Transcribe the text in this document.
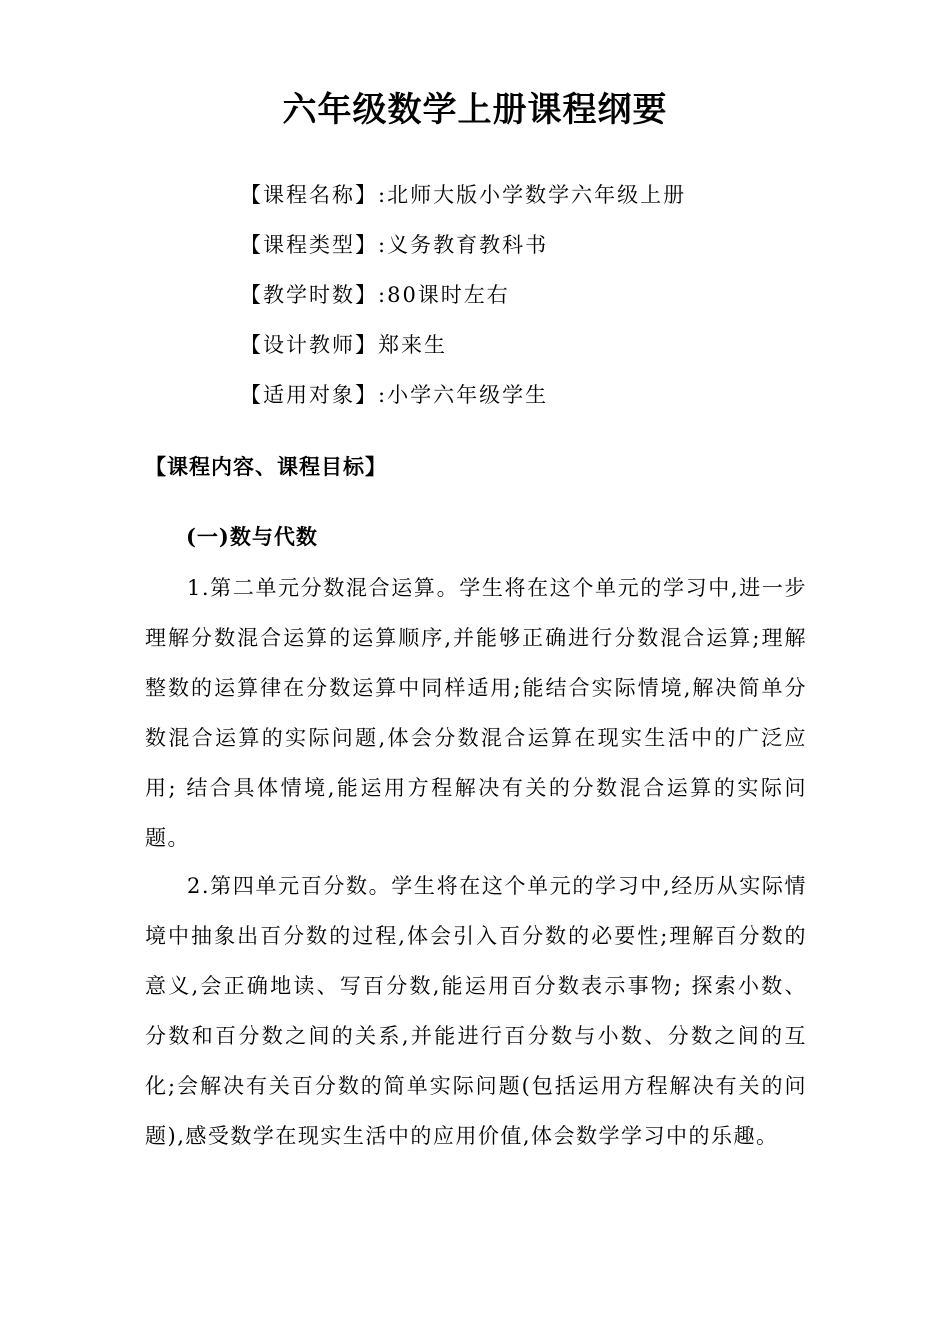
六年级数学上册课程纲要
【课程名称】:北师大版小学数学六年级上册
【课程类型】:义务教育教科书
【教学时数】:80课时左右
【设计教师】郑来生
【适用对象】:小学六年级学生
【课程内容、课程目标】
(一)数与代数

1.第二单元分数混合运算。学生将在这个单元的学习中,进一步理解分数混合运算的运算顺序,并能够正确进行分数混合运算;理解整数的运算律在分数运算中同样适用;能结合实际情境,解决简单分数混合运算的实际问题,体会分数混合运算在现实生活中的广泛应用; 结合具体情境,能运用方程解决有关的分数混合运算的实际问题。

2.第四单元百分数。学生将在这个单元的学习中,经历从实际情境中抽象出百分数的过程,体会引入百分数的必要性;理解百分数的意义,会正确地读、写百分数,能运用百分数表示事物; 探索小数、分数和百分数之间的关系,并能进行百分数与小数、分数之间的互化;会解决有关百分数的简单实际问题(包括运用方程解决有关的问题),感受数学在现实生活中的应用价值,体会数学学习中的乐趣。
